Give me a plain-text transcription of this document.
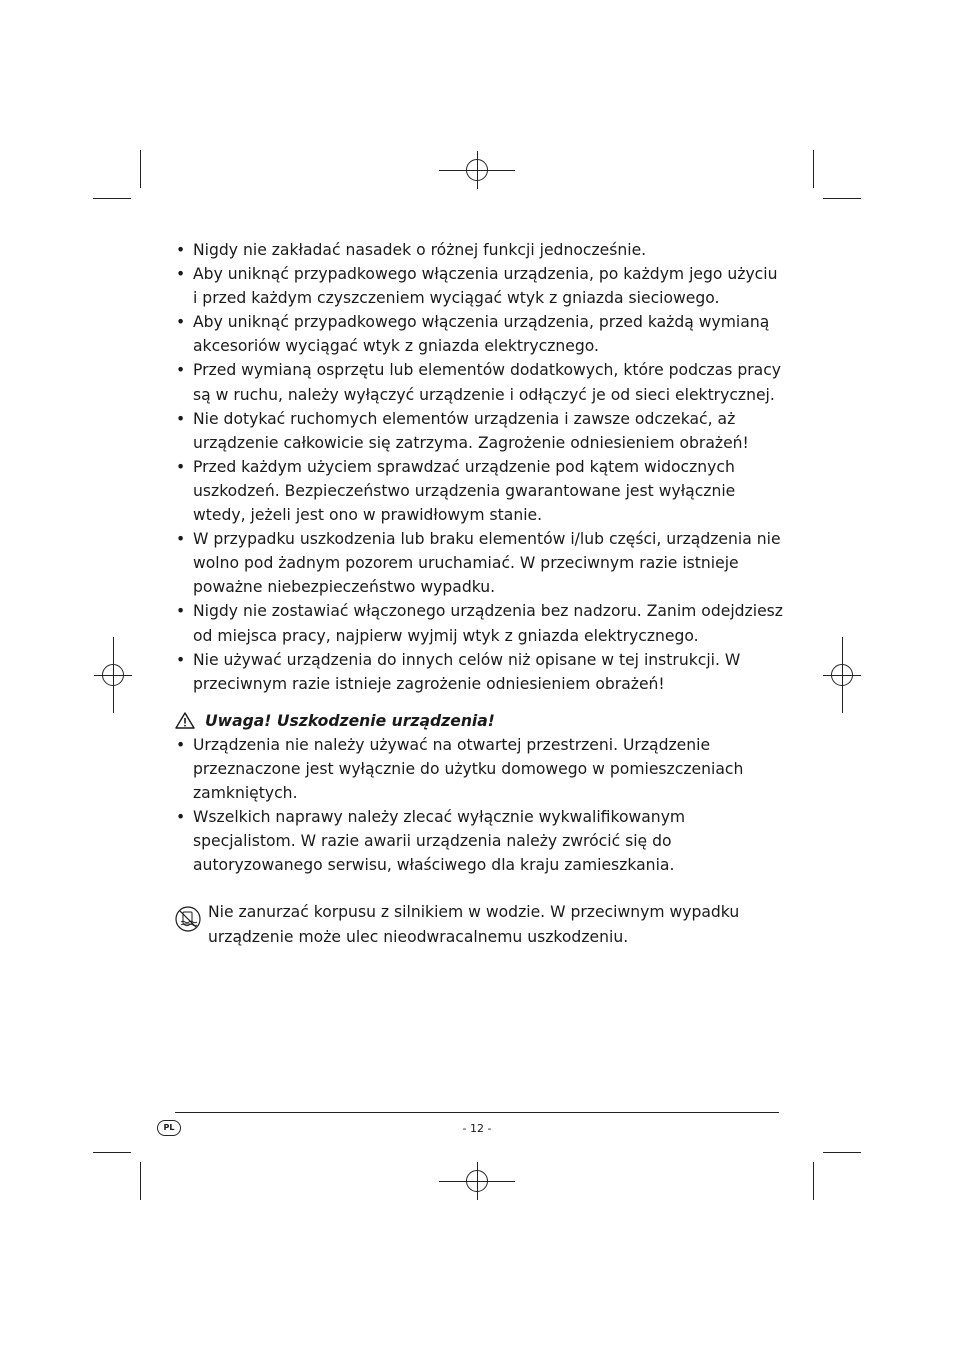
• Nigdy nie zakładać nasadek o różnej funkcji jednocześnie.
• Aby uniknąć przypadkowego włączenia urządzenia, po każdym jego użyciu i przed każdym czyszczeniem wyciągać wtyk z gniazda sieciowego.
• Aby uniknąć przypadkowego włączenia urządzenia, przed każdą wymianą akcesoriów wyciągać wtyk z gniazda elektrycznego.
• Przed wymianą osprzętu lub elementów dodatkowych, które podczas pracy są w ruchu, należy wyłączyć urządzenie i odłączyć je od sieci elektrycznej.
• Nie dotykać ruchomych elementów urządzenia i zawsze odczekać, aż urządzenie całkowicie się zatrzyma. Zagrożenie odniesieniem obrażeń!
• Przed każdym użyciem sprawdzać urządzenie pod kątem widocznych uszkodzeń. Bezpieczeństwo urządzenia gwarantowane jest wyłącznie wtedy, jeżeli jest ono w prawidłowym stanie.
• W przypadku uszkodzenia lub braku elementów i/lub części, urządzenia nie wolno pod żadnym pozorem uruchamiać. W przeciwnym razie istnieje poważne niebezpieczeństwo wypadku.
• Nigdy nie zostawiać włączonego urządzenia bez nadzoru. Zanim odejdziesz od miejsca pracy, najpierw wyjmij wtyk z gniazda elektrycznego.
• Nie używać urządzenia do innych celów niż opisane w tej instrukcji. W przeciwnym razie istnieje zagrożenie odniesieniem obrażeń!
Uwaga! Uszkodzenie urządzenia!
• Urządzenia nie należy używać na otwartej przestrzeni. Urządzenie przeznaczone jest wyłącznie do użytku domowego w pomieszczeniach zamkniętych.
• Wszelkich naprawy należy zlecać wyłącznie wykwalifikowanym specjalistom. W razie awarii urządzenia należy zwrócić się do autoryzowanego serwisu, właściwego dla kraju zamieszkania.
Nie zanurzać korpusu z silnikiem w wodzie. W przeciwnym wypadku urządzenie może ulec nieodwracalnemu uszkodzeniu.
PL	- 12 -
